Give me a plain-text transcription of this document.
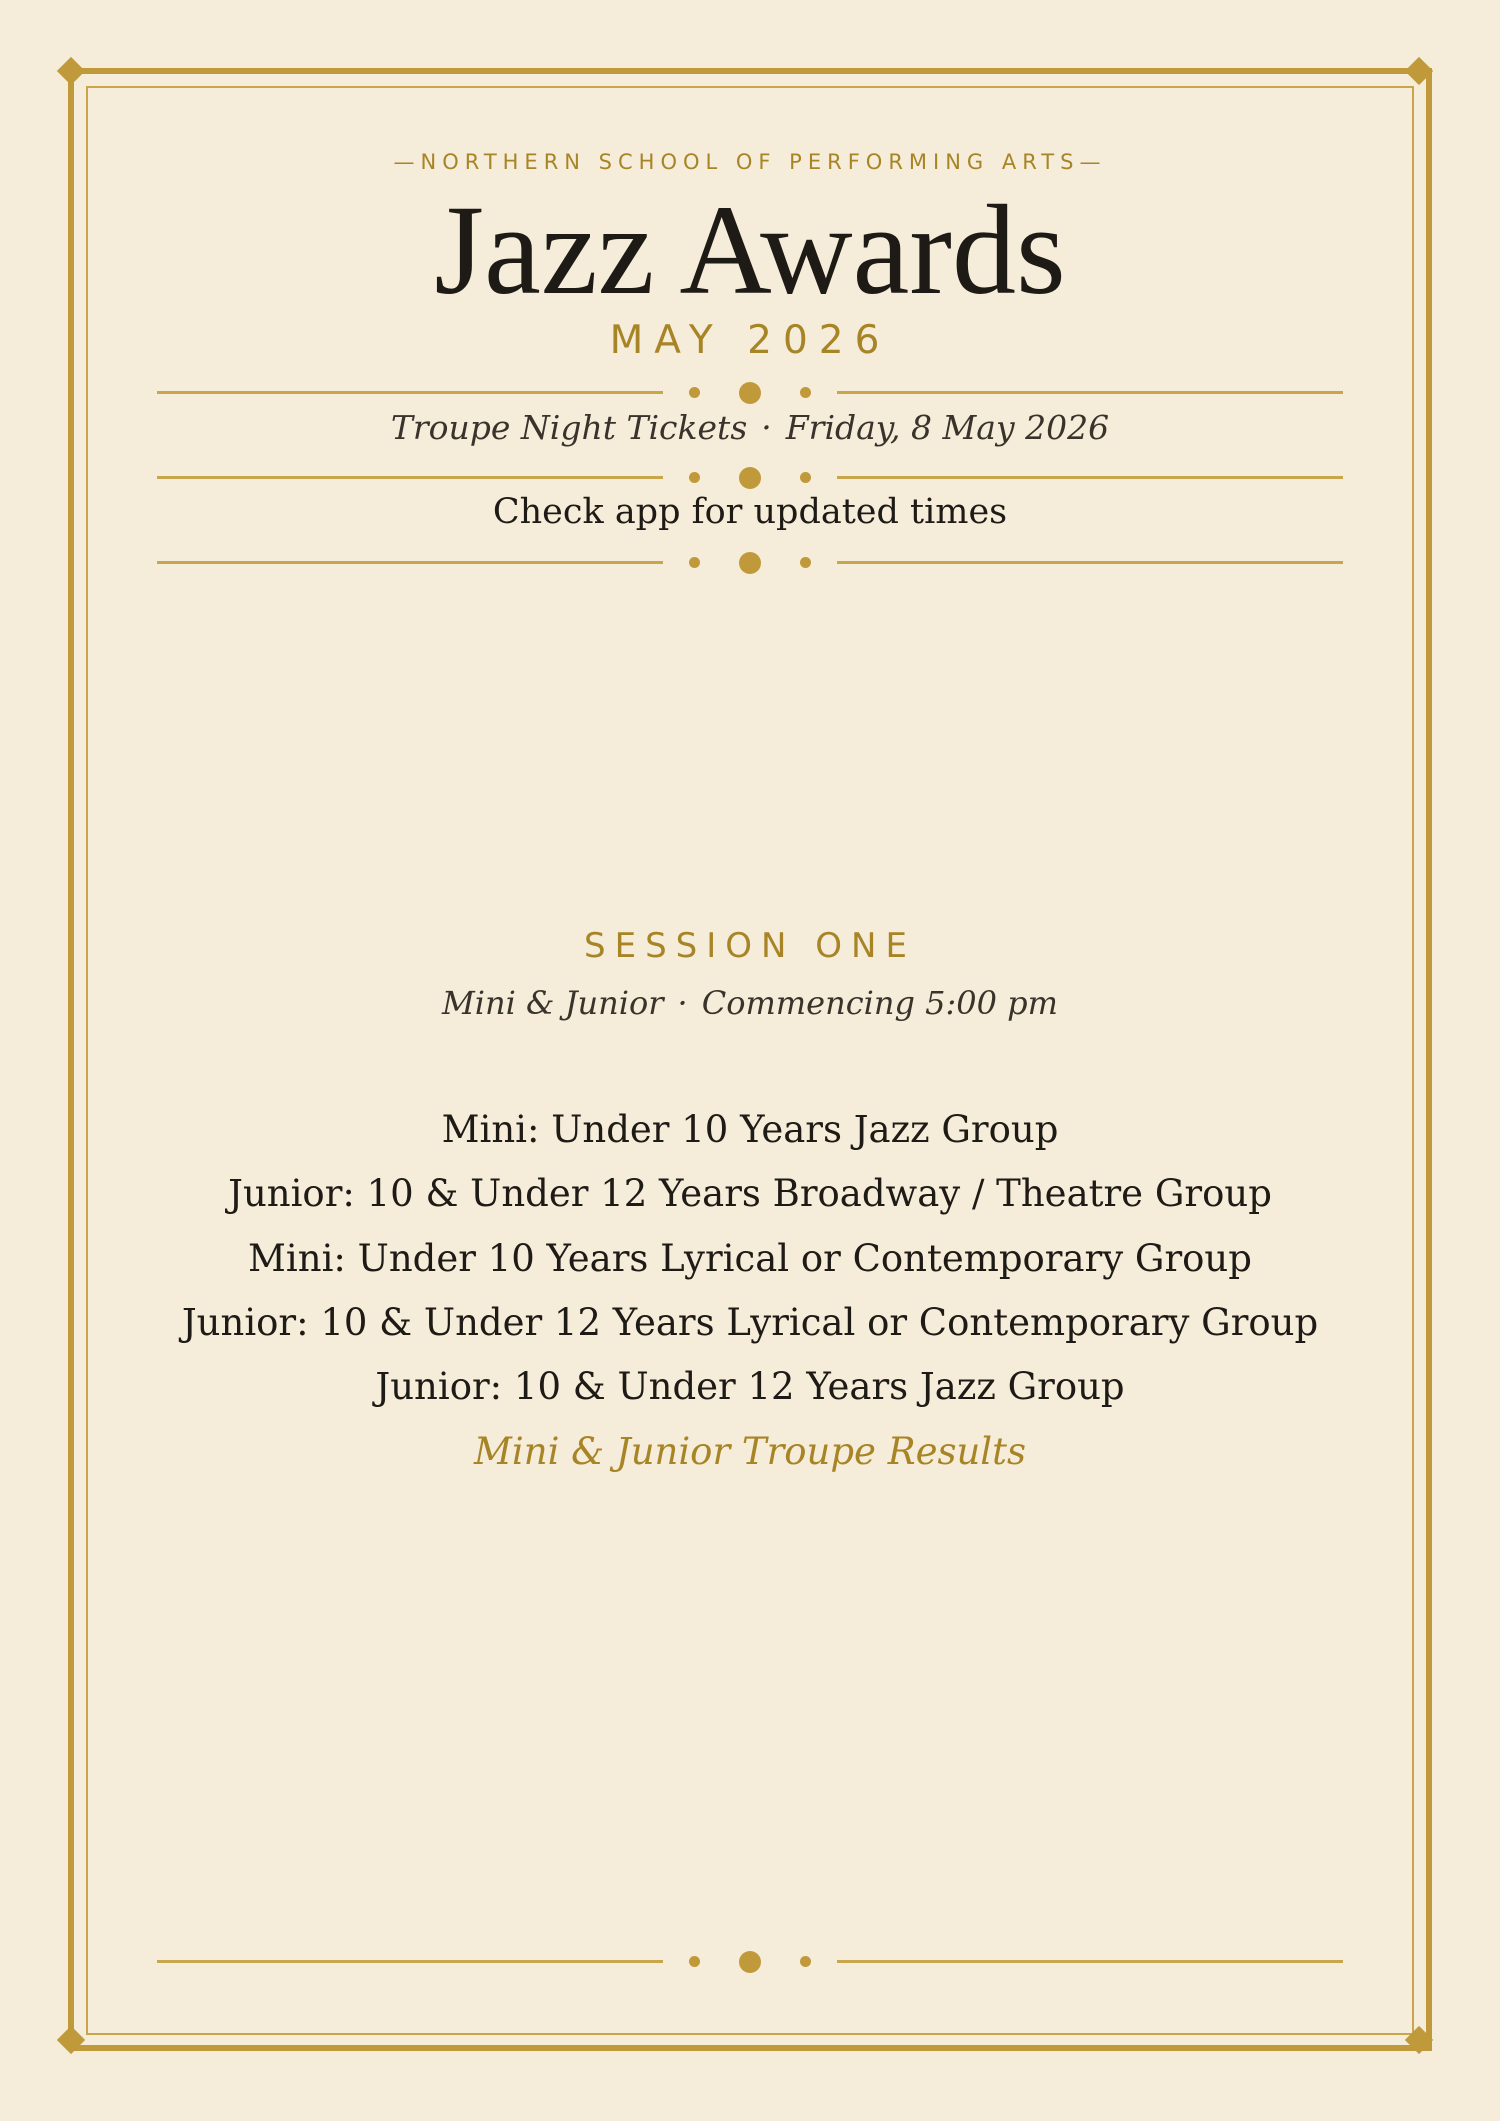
—NORTHERN SCHOOL OF PERFORMING ARTS—
Jazz Awards
MAY 2026
Troupe Night Tickets · Friday, 8 May 2026
Check app for updated times
SESSION ONE
Mini & Junior · Commencing 5:00 pm
Mini: Under 10 Years Jazz Group
Junior: 10 & Under 12 Years Broadway / Theatre Group
Mini: Under 10 Years Lyrical or Contemporary Group
Junior: 10 & Under 12 Years Lyrical or Contemporary Group
Junior: 10 & Under 12 Years Jazz Group
Mini & Junior Troupe Results
